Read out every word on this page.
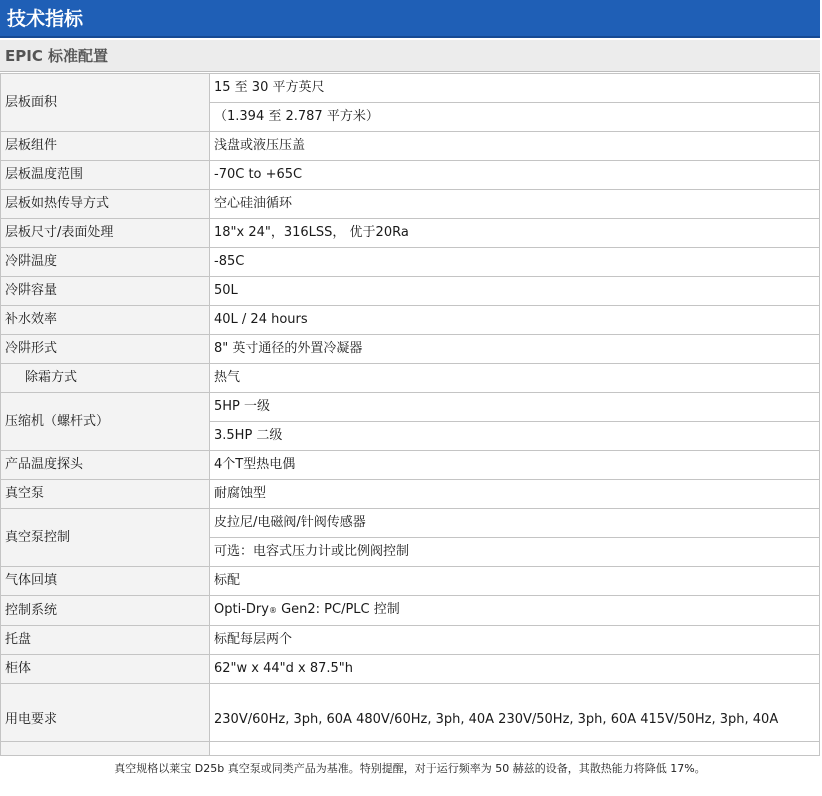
技术指标
EPIC 标准配置
层板面积	15 至 30 平方英尺
	（1.394 至 2.787 平方米）
层板组件	浅盘或液压压盖
层板温度范围	-70C to +65C
层板如热传导方式	空心硅油循环
层板尺寸/表面处理	18"x 24"，316LSS， 优于20Ra
冷阱温度	-85C
冷阱容量	50L
补水效率	40L / 24 hours
冷阱形式	8" 英寸通径的外置冷凝器
除霜方式	热气
压缩机（螺杆式）	5HP 一级
	3.5HP 二级
产品温度探头	4个T型热电偶
真空泵	耐腐蚀型
真空泵控制	皮拉尼/电磁阀/针阀传感器
	可选：电容式压力计或比例阀控制
气体回填	标配
控制系统	Opti-Dry® Gen2: PC/PLC 控制
托盘	标配每层两个
柜体	62"w x 44"d x 87.5"h
用电要求	230V/60Hz, 3ph, 60A 480V/60Hz, 3ph, 40A 230V/50Hz, 3ph, 60A 415V/50Hz, 3ph, 40A
真空规格以莱宝 D25b 真空泵或同类产品为基准。特别提醒，对于运行频率为 50 赫兹的设备，其散热能力将降低 17%。
